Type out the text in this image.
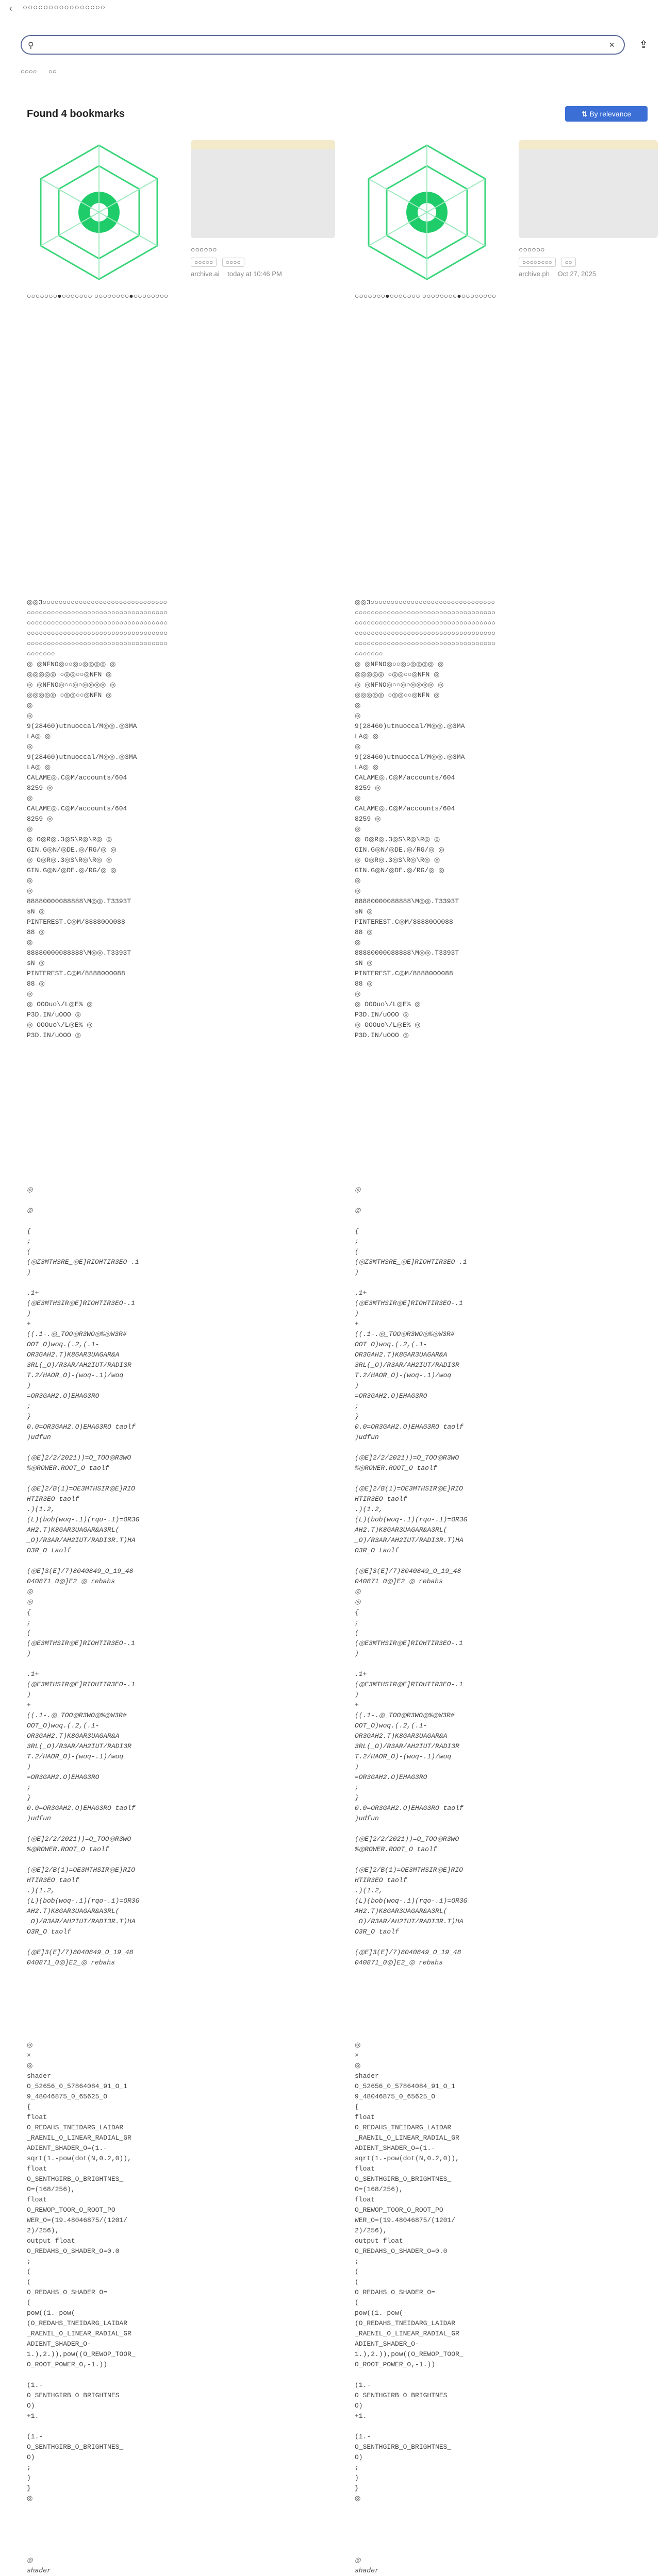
‹ ○○○○○○○○○○○○○○○○
⚲	× ⇪
○○○○ ○○
Found 4 bookmarks	⇅ By relevance
○○○○○○○●○○○○○○○ ○○○○○○○○●○○○○○○○○
○○○○○○
○○○○○ ○○○○
archive.ai today at 10:46 PM
○○○○○○○●○○○○○○○ ○○○○○○○○●○○○○○○○○
○○○○○○
○○○○○○○○ ○○
archive.ph Oct 27, 2025
◎◎3○○○○○○○○○○○○○○○○○○○○○○○○○○○○○○○○○○○○○○○○○○○○○○○○○○○○○○○○○○○○○○○○○○○○○○○○○○○○○○○○○○○○○○○○○○○○○○○○○○○○○○○○○○○○○○○○○○○○○○○○○○○○○○○○○○○○○○○○○○○○○○○○○○○○○○○○○○○○○○○○○○○○○○○○○○○○○○○○○○
◎ ◎NFNO◎○○◎○◎◎◎◎ ◎
◎◎◎◎◎ ○◎◎○○◎NFN ◎
◎ ◎NFNO◎○○◎○◎◎◎◎ ◎
◎◎◎◎◎ ○◎◎○○◎NFN ◎
◎
◎
9(28460)utnuoccal/M◎◎.◎3MA
LA◎ ◎
◎
9(28460)utnuoccal/M◎◎.◎3MA
LA◎ ◎
CALAME◎.C◎M/accounts/604
8259 ◎
◎
CALAME◎.C◎M/accounts/604
8259 ◎
◎
◎ O◎R◎.3◎S\R◎\R◎ ◎
GIN.G◎N/◎DE.◎/RG/◎ ◎
◎ O◎R◎.3◎S\R◎\R◎ ◎
GIN.G◎N/◎DE.◎/RG/◎ ◎
◎
◎
88880000088888\M◎◎.T3393T
sN ◎
PINTEREST.C◎M/88880OO088
88 ◎
◎
88880000088888\M◎◎.T3393T
sN ◎
PINTEREST.C◎M/88880OO088
88 ◎
◎
◎ OOOuo\/L◎E% ◎
P3D.IN/uOOO ◎
◎ OOOuo\/L◎E% ◎
P3D.IN/uOOO ◎
◎

◎

{
;
(
(◎Z3MTHSRE_◎E]RIOHTIR3EO-.1
)

.1+
(◎E3MTHSIR◎E]RIOHTIR3EO-.1
)
+
((.1-.◎_TOO◎R3WO◎%◎W3R#
OOT_O)woq.(.2,(.1-
OR3GAH2.T)K8GAR3UAGAR&A
3RL(_O)/R3AR/AH2IUT/RADI3R
T.2/HAOR_O)-(woq-.1)/woq
)
=OR3GAH2.O)EHAG3RO
;
}
0.0=OR3GAH2.O)EHAG3RO taolf
)udfun

(◎E]2/2/2021))=O_TOO◎R3WO
%◎ROWER.ROOT_O taolf

(◎E]2/B(1)=OE3MTHSIR◎E]RIO
HTIR3EO taolf
.)(1.2,
(L)(bob(woq-.1)(rqo-.1)=OR3G
AH2.T)K8GAR3UAGAR&A3RL(
_O)/R3AR/AH2IUT/RADI3R.T)HA
O3R_O taolf

(◎E]3(E]/7)8040849_O_19_48
040871_0◎]E2_◎ rebahs
◎
◎
{
;
(
(◎E3MTHSIR◎E]RIOHTIR3EO-.1
)

.1+
(◎E3MTHSIR◎E]RIOHTIR3EO-.1
)
+
((.1-.◎_TOO◎R3WO◎%◎W3R#
OOT_O)woq.(.2,(.1-
OR3GAH2.T)K8GAR3UAGAR&A
3RL(_O)/R3AR/AH2IUT/RADI3R
T.2/HAOR_O)-(woq-.1)/woq
)
=OR3GAH2.O)EHAG3RO
;
}
0.0=OR3GAH2.O)EHAG3RO taolf
)udfun

(◎E]2/2/2021))=O_TOO◎R3WO
%◎ROWER.ROOT_O taolf

(◎E]2/B(1)=OE3MTHSIR◎E]RIO
HTIR3EO taolf
.)(1.2,
(L)(bob(woq-.1)(rqo-.1)=OR3G
AH2.T)K8GAR3UAGAR&A3RL(
_O)/R3AR/AH2IUT/RADI3R.T)HA
O3R_O taolf

(◎E]3(E]/7)8040849_O_19_48
040871_0◎]E2_◎ rebahs
◎
×
◎
shader
O_52656_0_57864084_91_O_1
9_48046875_0_65625_O
{
float
O_REDAHS_TNEIDARG_LAIDAR
_RAENIL_O_LINEAR_RADIAL_GR
ADIENT_SHADER_O=(1.-
sqrt(1.-pow(dot(N,0.2,0)),
float
O_SENTHGIRB_O_BRIGHTNES_
O=(168/256),
float
O_REWOP_TOOR_O_ROOT_PO
WER_O=(19.48046875/(1201/
2)/256),
output float
O_REDAHS_O_SHADER_O=0.0
;
(
(
O_REDAHS_O_SHADER_O=
(
pow((1.-pow(-
(O_REDAHS_TNEIDARG_LAIDAR
_RAENIL_O_LINEAR_RADIAL_GR
ADIENT_SHADER_O-
1.),2.)),pow((O_REWOP_TOOR_
O_ROOT_POWER_O,-1.))

(1.-
O_SENTHGIRB_O_BRIGHTNES_
O)
+1.

(1.-
O_SENTHGIRB_O_BRIGHTNES_
O)
;
)
}
◎
◎
shader

◎◎3○○○○○○○○○○○○○○○○○○○○○○○○○○○○○○○○○○○○○○○○○○○○○○○○○○○○○○○○○○○○○○○○○○○○○○○○○○○○○○○○○○○○○○○○○○○○○○○○○○○○○○○○○○○○○○○○○○○○○○○○○○○○○○○○○○○○○○○○○○○○○○○○○○○○○○○○○○○○○○○○○○○○○○○○○○○○○○○○○○
◎ ◎NFNO◎○○◎○◎◎◎◎ ◎
◎◎◎◎◎ ○◎◎○○◎NFN ◎
◎ ◎NFNO◎○○◎○◎◎◎◎ ◎
◎◎◎◎◎ ○◎◎○○◎NFN ◎
◎
◎
9(28460)utnuoccal/M◎◎.◎3MA
LA◎ ◎
◎
9(28460)utnuoccal/M◎◎.◎3MA
LA◎ ◎
CALAME◎.C◎M/accounts/604
8259 ◎
◎
CALAME◎.C◎M/accounts/604
8259 ◎
◎
◎ O◎R◎.3◎S\R◎\R◎ ◎
GIN.G◎N/◎DE.◎/RG/◎ ◎
◎ O◎R◎.3◎S\R◎\R◎ ◎
GIN.G◎N/◎DE.◎/RG/◎ ◎
◎
◎
88880000088888\M◎◎.T3393T
sN ◎
PINTEREST.C◎M/88880OO088
88 ◎
◎
88880000088888\M◎◎.T3393T
sN ◎
PINTEREST.C◎M/88880OO088
88 ◎
◎
◎ OOOuo\/L◎E% ◎
P3D.IN/uOOO ◎
◎ OOOuo\/L◎E% ◎
P3D.IN/uOOO ◎
◎

◎

{
;
(
(◎Z3MTHSRE_◎E]RIOHTIR3EO-.1
)

.1+
(◎E3MTHSIR◎E]RIOHTIR3EO-.1
)
+
((.1-.◎_TOO◎R3WO◎%◎W3R#
OOT_O)woq.(.2,(.1-
OR3GAH2.T)K8GAR3UAGAR&A
3RL(_O)/R3AR/AH2IUT/RADI3R
T.2/HAOR_O)-(woq-.1)/woq
)
=OR3GAH2.O)EHAG3RO
;
}
0.0=OR3GAH2.O)EHAG3RO taolf
)udfun

(◎E]2/2/2021))=O_TOO◎R3WO
%◎ROWER.ROOT_O taolf

(◎E]2/B(1)=OE3MTHSIR◎E]RIO
HTIR3EO taolf
.)(1.2,
(L)(bob(woq-.1)(rqo-.1)=OR3G
AH2.T)K8GAR3UAGAR&A3RL(
_O)/R3AR/AH2IUT/RADI3R.T)HA
O3R_O taolf

(◎E]3(E]/7)8040849_O_19_48
040871_0◎]E2_◎ rebahs
◎
◎
{
;
(
(◎E3MTHSIR◎E]RIOHTIR3EO-.1
)

.1+
(◎E3MTHSIR◎E]RIOHTIR3EO-.1
)
+
((.1-.◎_TOO◎R3WO◎%◎W3R#
OOT_O)woq.(.2,(.1-
OR3GAH2.T)K8GAR3UAGAR&A
3RL(_O)/R3AR/AH2IUT/RADI3R
T.2/HAOR_O)-(woq-.1)/woq
)
=OR3GAH2.O)EHAG3RO
;
}
0.0=OR3GAH2.O)EHAG3RO taolf
)udfun

(◎E]2/2/2021))=O_TOO◎R3WO
%◎ROWER.ROOT_O taolf

(◎E]2/B(1)=OE3MTHSIR◎E]RIO
HTIR3EO taolf
.)(1.2,
(L)(bob(woq-.1)(rqo-.1)=OR3G
AH2.T)K8GAR3UAGAR&A3RL(
_O)/R3AR/AH2IUT/RADI3R.T)HA
O3R_O taolf

(◎E]3(E]/7)8040849_O_19_48
040871_0◎]E2_◎ rebahs
◎
×
◎
shader
O_52656_0_57864084_91_O_1
9_48046875_0_65625_O
{
float
O_REDAHS_TNEIDARG_LAIDAR
_RAENIL_O_LINEAR_RADIAL_GR
ADIENT_SHADER_O=(1.-
sqrt(1.-pow(dot(N,0.2,0)),
float
O_SENTHGIRB_O_BRIGHTNES_
O=(168/256),
float
O_REWOP_TOOR_O_ROOT_PO
WER_O=(19.48046875/(1201/
2)/256),
output float
O_REDAHS_O_SHADER_O=0.0
;
(
(
O_REDAHS_O_SHADER_O=
(
pow((1.-pow(-
(O_REDAHS_TNEIDARG_LAIDAR
_RAENIL_O_LINEAR_RADIAL_GR
ADIENT_SHADER_O-
1.),2.)),pow((O_REWOP_TOOR_
O_ROOT_POWER_O,-1.))

(1.-
O_SENTHGIRB_O_BRIGHTNES_
O)
+1.

(1.-
O_SENTHGIRB_O_BRIGHTNES_
O)
;
)
}
◎
◎
shader
